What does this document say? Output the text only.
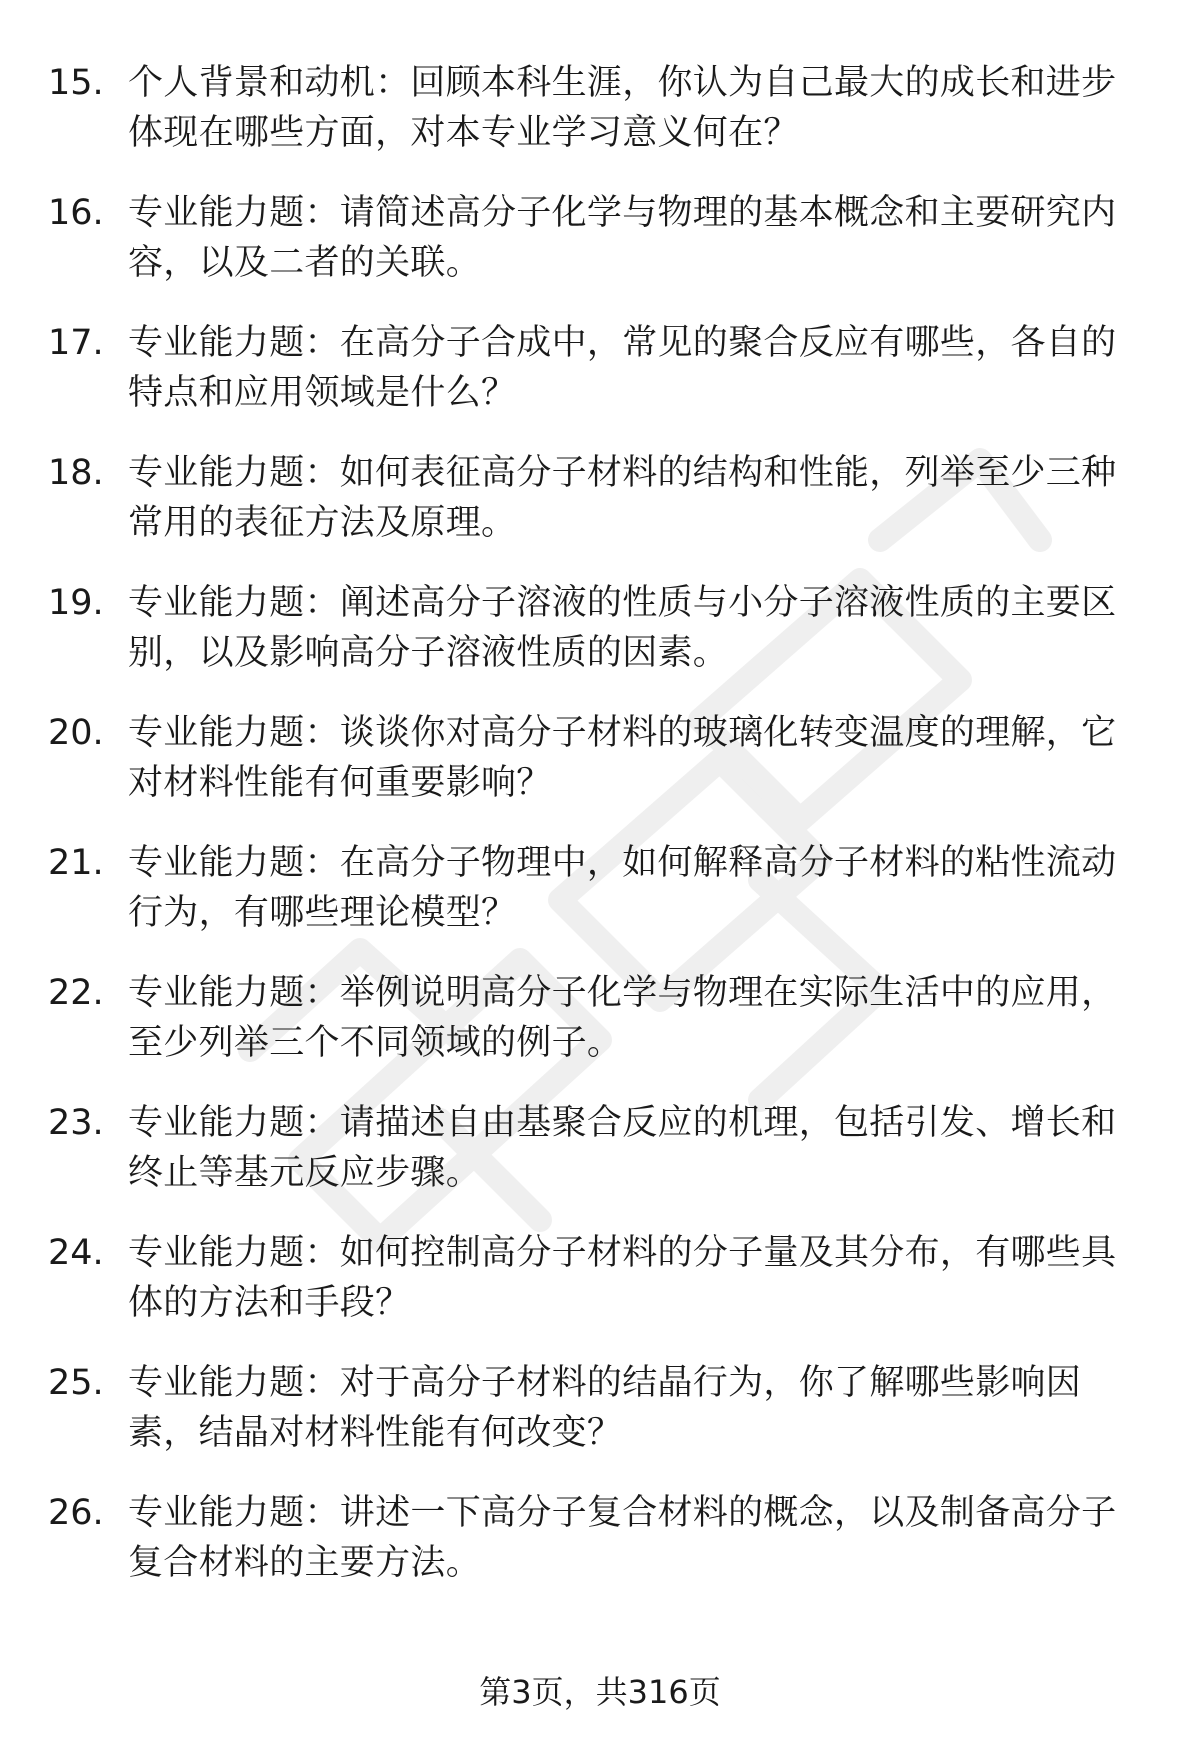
15. 个人背景和动机：回顾本科生涯，你认为自己最大的成长和进步体现在哪些方面，对本专业学习意义何在？
16. 专业能力题：请简述高分子化学与物理的基本概念和主要研究内容，以及二者的关联。
17. 专业能力题：在高分子合成中，常见的聚合反应有哪些，各自的特点和应用领域是什么？
18. 专业能力题：如何表征高分子材料的结构和性能，列举至少三种常用的表征方法及原理。
19. 专业能力题：阐述高分子溶液的性质与小分子溶液性质的主要区别，以及影响高分子溶液性质的因素。
20. 专业能力题：谈谈你对高分子材料的玻璃化转变温度的理解，它对材料性能有何重要影响？
21. 专业能力题：在高分子物理中，如何解释高分子材料的粘性流动行为，有哪些理论模型？
22. 专业能力题：举例说明高分子化学与物理在实际生活中的应用，至少列举三个不同领域的例子。
23. 专业能力题：请描述自由基聚合反应的机理，包括引发、增长和终止等基元反应步骤。
24. 专业能力题：如何控制高分子材料的分子量及其分布，有哪些具体的方法和手段？
25. 专业能力题：对于高分子材料的结晶行为，你了解哪些影响因素，结晶对材料性能有何改变？
26. 专业能力题：讲述一下高分子复合材料的概念，以及制备高分子复合材料的主要方法。
第3页，共316页
